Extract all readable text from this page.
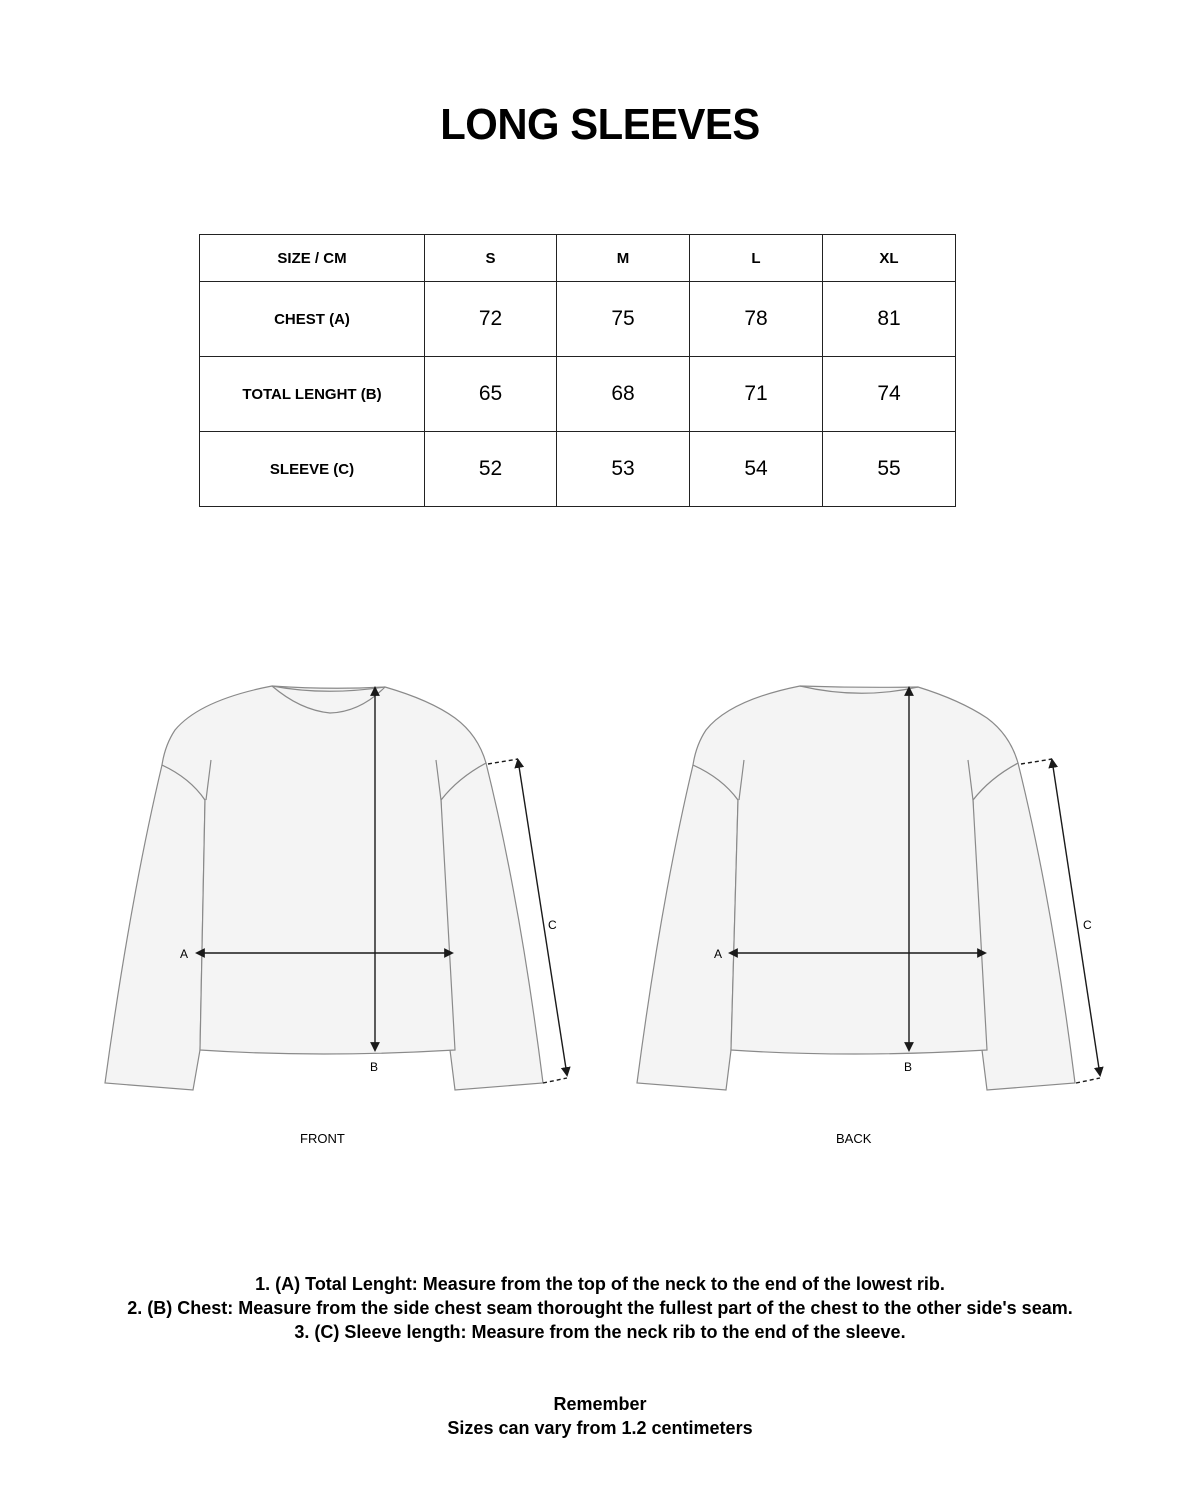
LONG SLEEVES
SIZE / CM	S	M	L	XL
CHEST (A)	72	75	78	81
TOTAL LENGHT (B)	65	68	71	74
SLEEVE (C)	52	53	54	55
A
B
C
A
B
C
FRONT	BACK
1. (A) Total Lenght: Measure from the top of the neck to the end of the lowest rib.
2. (B) Chest: Measure from the side chest seam thorought the fullest part of the chest to the other side's seam.
3. (C) Sleeve length: Measure from the neck rib to the end of the sleeve.
Remember
Sizes can vary from 1.2 centimeters
